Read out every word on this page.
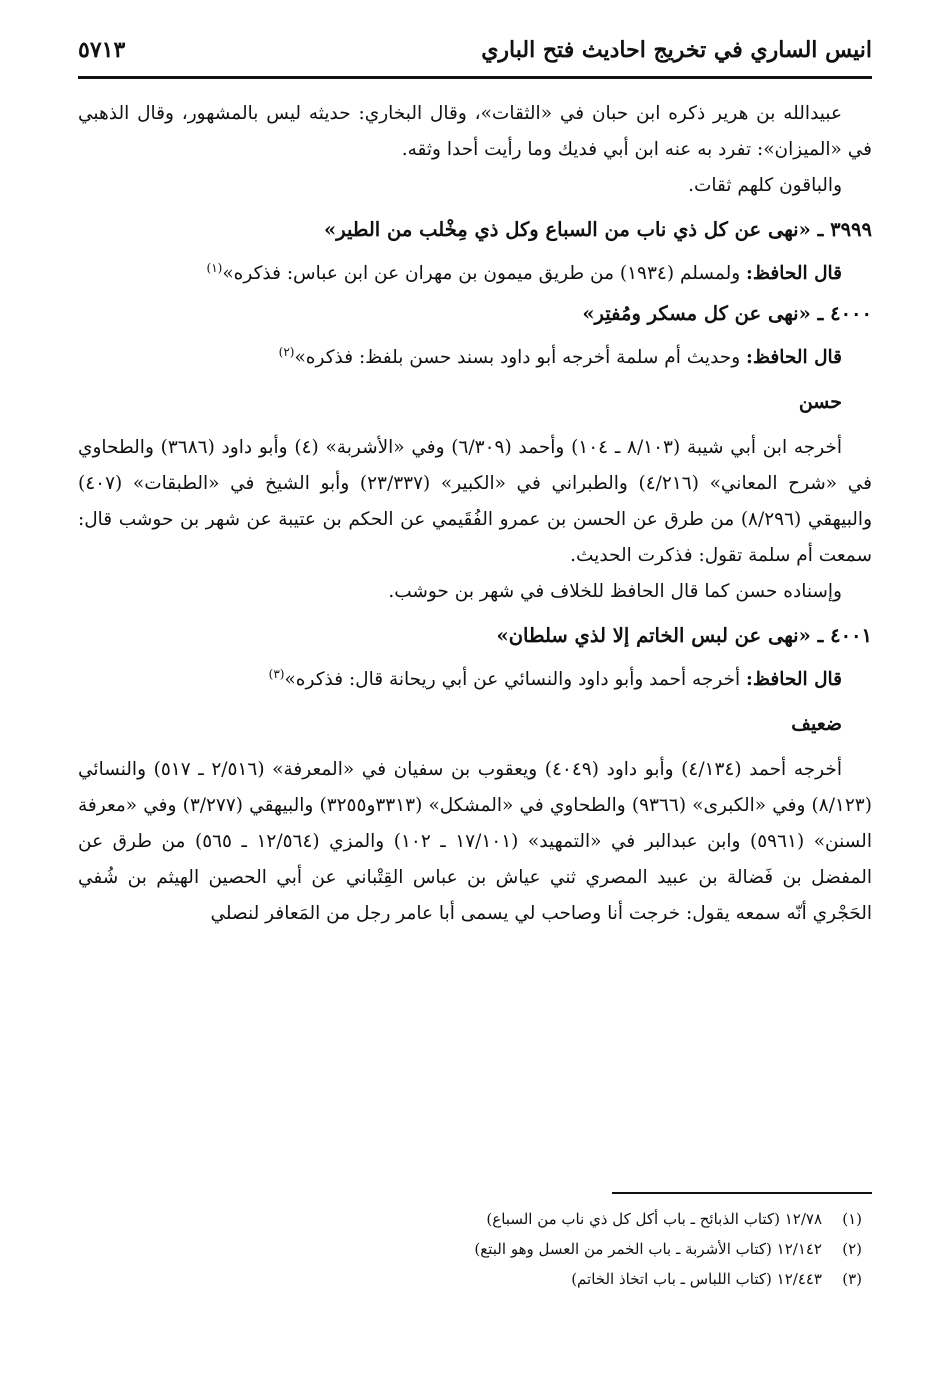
انيس الساري في تخريج احاديث فتح الباري
٥٧١٣

عبيدالله بن هرير ذكره ابن حبان في «الثقات»، وقال البخاري: حديثه ليس بالمشهور، وقال الذهبي في «الميزان»: تفرد به عنه ابن أبي فديك وما رأيت أحدا وثقه.

والباقون كلهم ثقات.

٣٩٩٩ ـ «نهى عن كل ذي ناب من السباع وكل ذي مِخْلب من الطير»

قال الحافظ: ولمسلم (١٩٣٤) من طريق ميمون بن مهران عن ابن عباس: فذكره»$^{(١)}$

٤٠٠٠ ـ «نهى عن كل مسكر ومُفتِر»

قال الحافظ: وحديث أم سلمة أخرجه أبو داود بسند حسن بلفظ: فذكره»$^{(٢)}$

حسن

أخرجه ابن أبي شيبة (٨/١٠٣ ـ ١٠٤) وأحمد (٦/٣٠٩) وفي «الأشربة» (٤) وأبو داود (٣٦٨٦) والطحاوي في «شرح المعاني» (٤/٢١٦) والطبراني في «الكبير» (٢٣/٣٣٧) وأبو الشيخ في «الطبقات» (٤٠٧) والبيهقي (٨/٢٩٦) من طرق عن الحسن بن عمرو الفُقَيمي عن الحكم بن عتيبة عن شهر بن حوشب قال: سمعت أم سلمة تقول: فذكرت الحديث.

وإسناده حسن كما قال الحافظ للخلاف في شهر بن حوشب.

٤٠٠١ ـ «نهى عن لبس الخاتم إلا لذي سلطان»

قال الحافظ: أخرجه أحمد وأبو داود والنسائي عن أبي ريحانة قال: فذكره»$^{(٣)}$

ضعيف

أخرجه أحمد (٤/١٣٤) وأبو داود (٤٠٤٩) ويعقوب بن سفيان في «المعرفة» (٢/٥١٦ ـ ٥١٧) والنسائي (٨/١٢٣) وفي «الكبرى» (٩٣٦٦) والطحاوي في «المشكل» (٣٣١٣و٣٢٥٥) والبيهقي (٣/٢٧٧) وفي «معرفة السنن» (٥٩٦١) وابن عبدالبر في «التمهيد» (١٧/١٠١ ـ ١٠٢) والمزي (١٢/٥٦٤ ـ ٥٦٥) من طرق عن المفضل بن فَضالة بن عبيد المصري ثني عياش بن عباس القِتْباني عن أبي الحصين الهيثم بن شُفي الحَجْري أنّه سمعه يقول: خرجت أنا وصاحب لي يسمى أبا عامر رجل من المَعافر لنصلي

(١)
١٢/٧٨ (كتاب الذبائح ـ باب أكل كل ذي ناب من السباع)
(٢)
١٢/١٤٢ (كتاب الأشربة ـ باب الخمر من العسل وهو البتع)
(٣)
١٢/٤٤٣ (كتاب اللباس ـ باب اتخاذ الخاتم)
